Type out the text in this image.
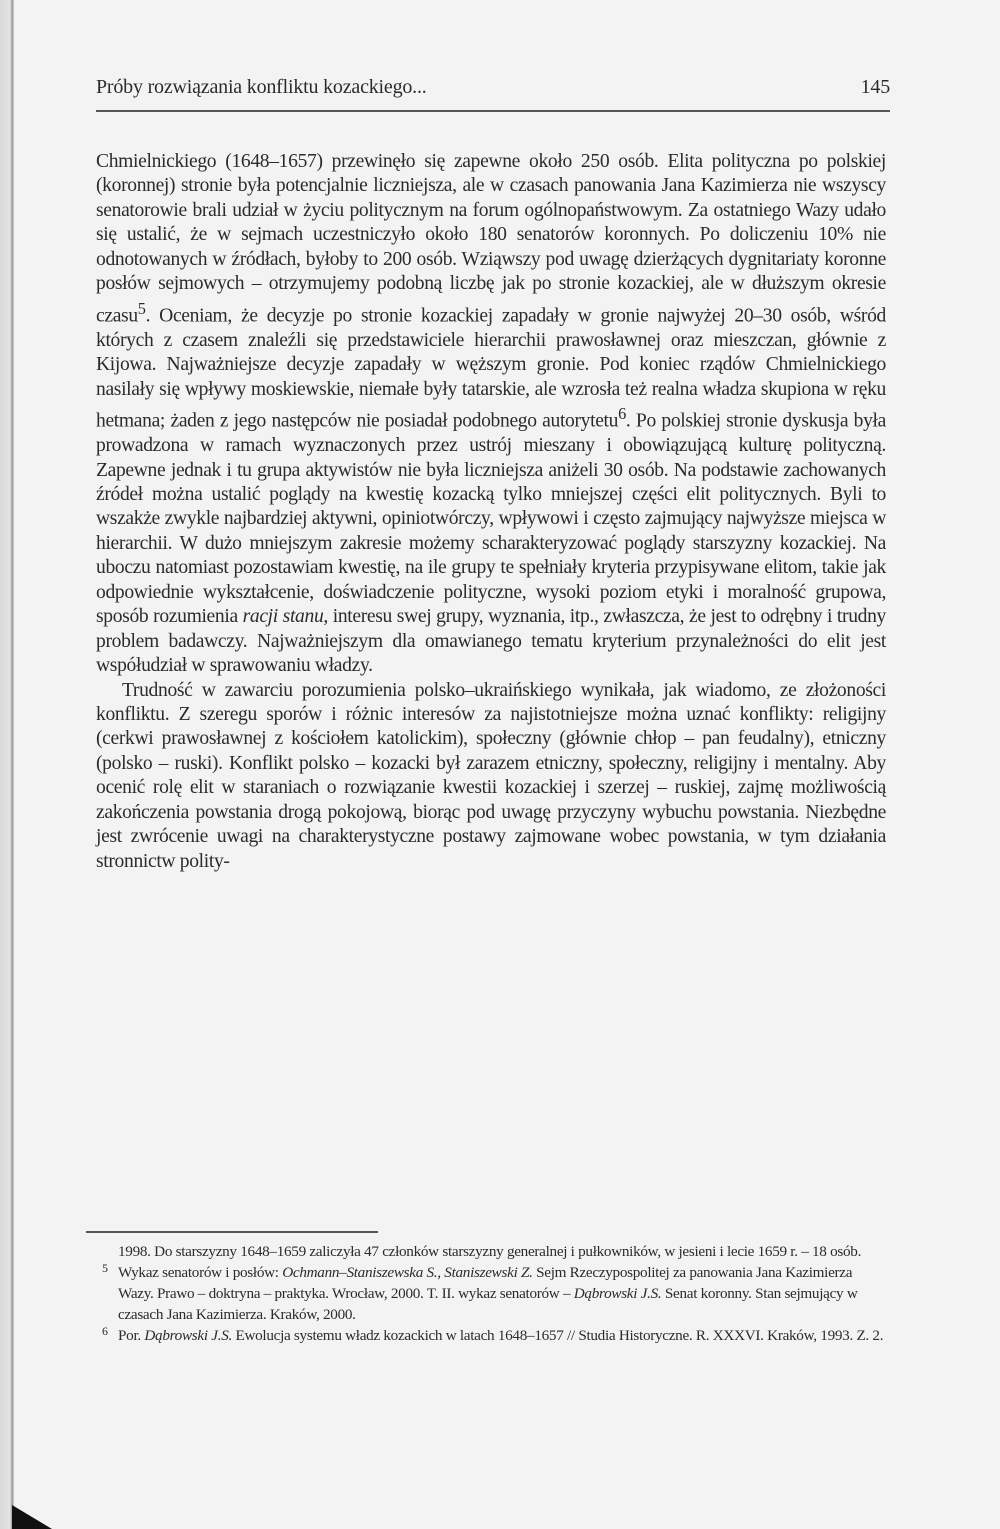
Próby rozwiązania konfliktu kozackiego...	145

Chmielnickiego (1648–1657) przewinęło się zapewne około 250 osób. Elita polityczna po polskiej (koronnej) stronie była potencjalnie liczniejsza, ale w czasach panowania Jana Kazimierza nie wszyscy senatorowie brali udział w życiu politycznym na forum ogólnopaństwowym. Za ostatniego Wazy udało się ustalić, że w sejmach uczestniczyło około 180 senatorów koronnych. Po doliczeniu 10% nie odnotowanych w źródłach, byłoby to 200 osób. Wziąwszy pod uwagę dzierżących dygnitariaty koronne posłów sejmowych – otrzymujemy podobną liczbę jak po stronie kozackiej, ale w dłuższym okresie czasu$^5$. Oceniam, że decyzje po stronie kozackiej zapadały w gronie najwyżej 20–30 osób, wśród których z czasem znaleźli się przedstawiciele hierarchii prawosławnej oraz mieszczan, głównie z Kijowa. Najważniejsze decyzje zapadały w węższym gronie. Pod koniec rządów Chmielnickiego nasilały się wpływy moskiewskie, niemałe były tatarskie, ale wzrosła też realna władza skupiona w ręku hetmana; żaden z jego następców nie posiadał podobnego autorytetu$^6$. Po polskiej stronie dyskusja była prowadzona w ramach wyznaczonych przez ustrój mieszany i obowiązującą kulturę polityczną. Zapewne jednak i tu grupa aktywistów nie była liczniejsza aniżeli 30 osób. Na podstawie zachowanych źródeł można ustalić poglądy na kwestię kozacką tylko mniejszej części elit politycznych. Byli to wszakże zwykle najbardziej aktywni, opiniotwórczy, wpływowi i często zajmujący najwyższe miejsca w hierarchii. W dużo mniejszym zakresie możemy scharakteryzować poglądy starszyzny kozackiej. Na uboczu natomiast pozostawiam kwestię, na ile grupy te spełniały kryteria przypisywane elitom, takie jak odpowiednie wykształcenie, doświadczenie polityczne, wysoki poziom etyki i moralność grupowa, sposób rozumienia racji stanu, interesu swej grupy, wyznania, itp., zwłaszcza, że jest to odrębny i trudny problem badawczy. Najważniejszym dla omawianego tematu kryterium przynależności do elit jest współudział w sprawowaniu władzy.

Trudność w zawarciu porozumienia polsko–ukraińskiego wynikała, jak wiadomo, ze złożoności konfliktu. Z szeregu sporów i różnic interesów za najistotniejsze można uznać konflikty: religijny (cerkwi prawosławnej z kościołem katolickim), społeczny (głównie chłop – pan feudalny), etniczny (polsko – ruski). Konflikt polsko – kozacki był zarazem etniczny, społeczny, religijny i mentalny. Aby ocenić rolę elit w staraniach o rozwiązanie kwestii kozackiej i szerzej – ruskiej, zajmę możliwością zakończenia powstania drogą pokojową, biorąc pod uwagę przyczyny wybuchu powstania. Niezbędne jest zwrócenie uwagi na charakterystyczne postawy zajmowane wobec powstania, w tym działania stronnictw polity-

1998. Do starszyzny 1648–1659 zaliczyła 47 członków starszyzny generalnej i pułkowników, w jesieni i lecie 1659 r. – 18 osób.

5 Wykaz senatorów i posłów: Ochmann–Staniszewska S., Staniszewski Z. Sejm Rzeczypospolitej za panowania Jana Kazimierza Wazy. Prawo – doktryna – praktyka. Wrocław, 2000. T. II. wykaz senatorów – Dąbrowski J.S. Senat koronny. Stan sejmujący w czasach Jana Kazimierza. Kraków, 2000.

6 Por. Dąbrowski J.S. Ewolucja systemu władz kozackich w latach 1648–1657 // Studia Historyczne. R. XXXVI. Kraków, 1993. Z. 2.
